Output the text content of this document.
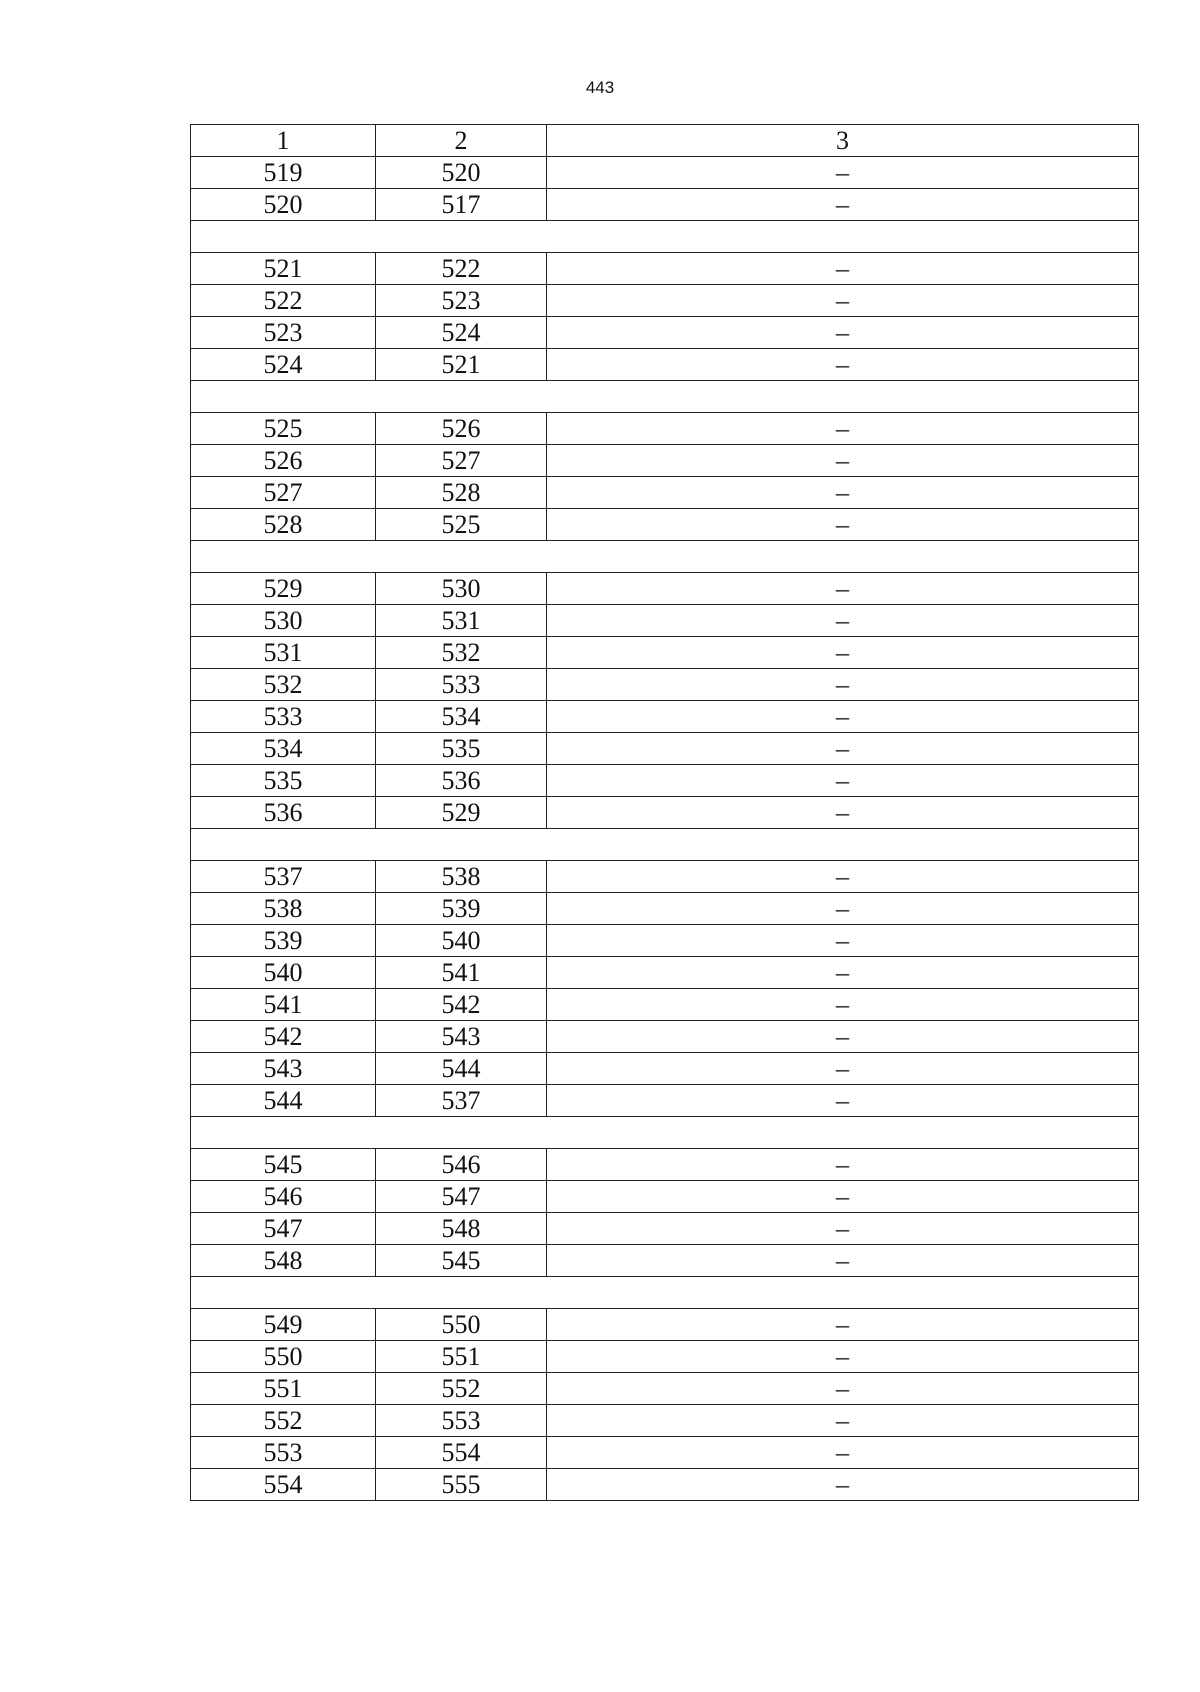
443
1	2	3
519	520	–
520	517	–

521	522	–
522	523	–
523	524	–
524	521	–

525	526	–
526	527	–
527	528	–
528	525	–

529	530	–
530	531	–
531	532	–
532	533	–
533	534	–
534	535	–
535	536	–
536	529	–

537	538	–
538	539	–
539	540	–
540	541	–
541	542	–
542	543	–
543	544	–
544	537	–

545	546	–
546	547	–
547	548	–
548	545	–

549	550	–
550	551	–
551	552	–
552	553	–
553	554	–
554	555	–
